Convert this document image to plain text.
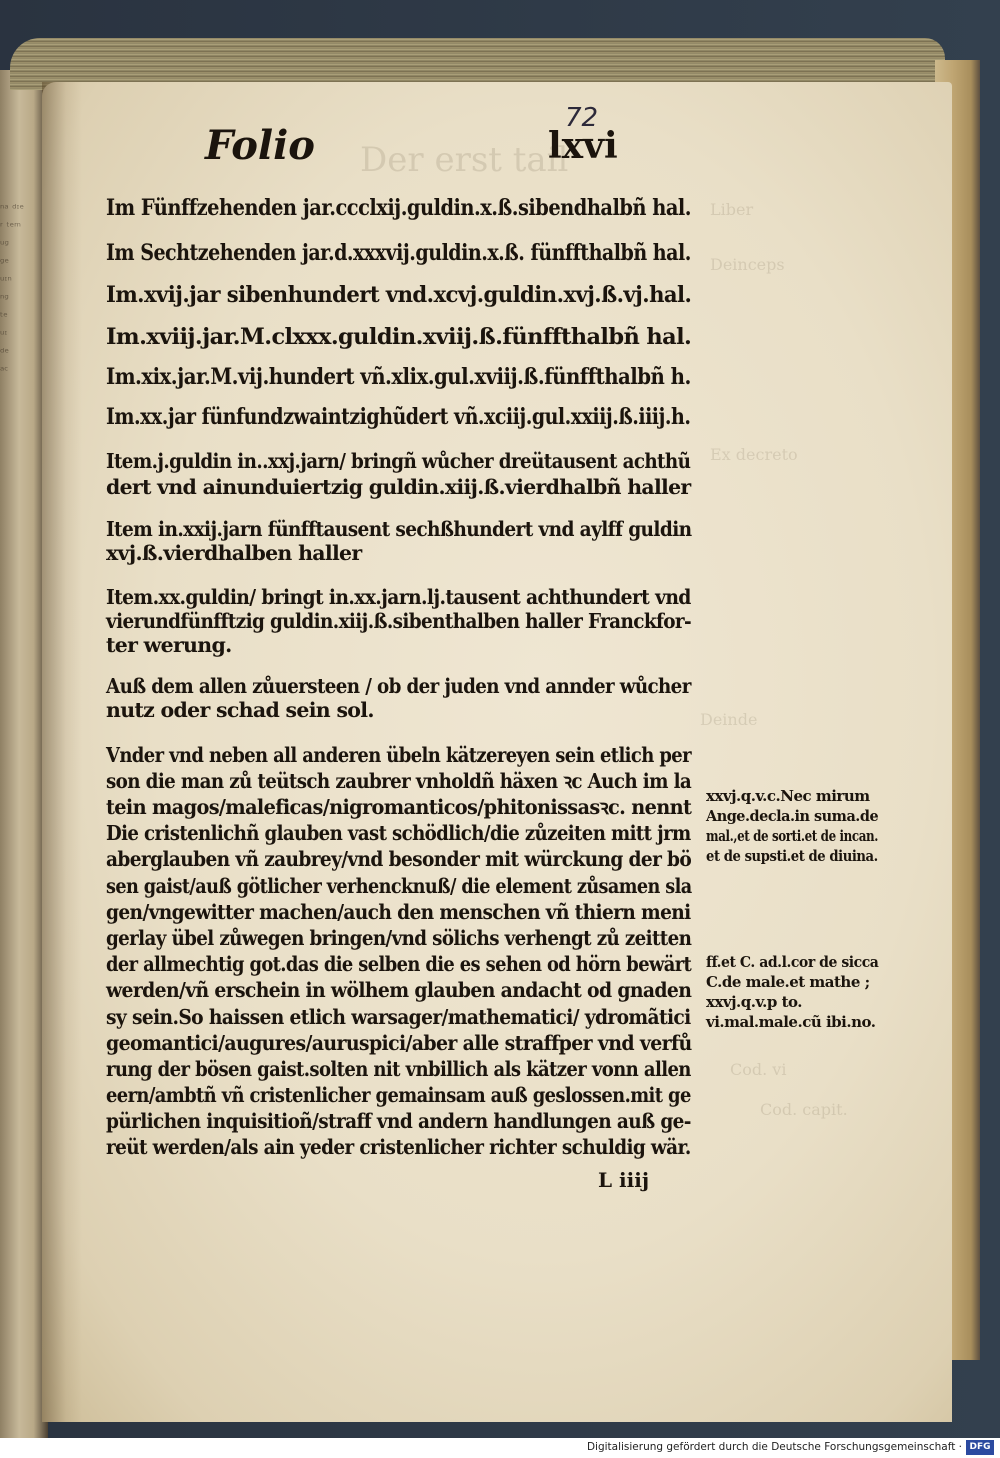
ⁿᵃ ᵈᶦᵉ
ʳ ᵗᵉᵐ
ᵘᵍ
ᵍᵉ
ᵘᶦⁿ
ⁿᵍ
ᵗᵉ
ᵘᶦ
ᵈᵉ
ᵃᶜ
Der erst tail
Liber
Deinceps
Ex decreto
Deinde
Cod. vi
Cod. capit.
72
Folio	lxvi
Im Fünffzehenden jar.ccclxij.guldin.x.ß.sibendhalbñ hal.
Im Sechtzehenden jar.d.xxxvij.guldin.x.ß. fünffthalbñ hal.
Im.xvij.jar sibenhundert vnd.xcvj.guldin.xvj.ß.vj.hal.
Im.xviij.jar.M.clxxx.guldin.xviij.ß.fünffthalbñ hal.
Im.xix.jar.M.vij.hundert vñ.xlix.gul.xviij.ß.fünffthalbñ h.
Im.xx.jar fünfundzwaintzighũdert vñ.xciij.gul.xxiij.ß.iiij.h.
Item.j.guldin in..xxj.jarn/ bringñ wůcher dreütausent achthũ
dert vnd ainunduiertzig guldin.xiij.ß.vierdhalbñ haller
Item in.xxij.jarn fünfftausent sechßhundert vnd aylff guldin
xvj.ß.vierdhalben haller
Item.xx.guldin/ bringt in.xx.jarn.lj.tausent achthundert vnd
vierundfünfftzig guldin.xiij.ß.sibenthalben haller Franckfor-
ter werung.
Auß dem allen zůuersteen / ob der juden vnd annder wůcher
nutz oder schad sein sol.
Vnder vnd neben all anderen übeln kätzereyen sein etlich per
son die man zů teütsch zaubrer vnholdñ häxen ꝛc Auch im la
tein magos/maleficas/nigromanticos/phitonissasꝛc. nennt
Die cristenlichñ glauben vast schödlich/die zůzeiten mitt jrm
aberglauben vñ zaubrey/vnd besonder mit würckung der bö
sen gaist/auß götlicher verhencknuß/ die element zůsamen sla
gen/vngewitter machen/auch den menschen vñ thiern meni
gerlay übel zůwegen bringen/vnd sölichs verhengt zů zeitten
der allmechtig got.das die selben die es sehen od hörn bewärt
werden/vñ erschein in wölhem glauben andacht od gnaden
sy sein.So haissen etlich warsager/mathematici/ ydromãtici
geomantici/augures/auruspici/aber alle straffper vnd verfů
rung der bösen gaist.solten nit vnbillich als kätzer vonn allen
eern/ambtñ vñ cristenlicher gemainsam auß geslossen.mit ge
pürlichen inquisitioñ/straff vnd andern handlungen auß ge-
reüt werden/als ain yeder cristenlicher richter schuldig wär.
L iiij
xxvj.q.v.c.Nec mirum
Ange.decla.in suma.de
mal.,et de sorti.et de incan.
et de supsti.et de diuina.
ff.et C. ad.l.cor de sicca
C.de male.et mathe ;
xxvj.q.v.p to.
vi.mal.male.cũ ibi.no.
Digitalisierung gefördert durch die Deutsche Forschungsgemeinschaft · DFG
